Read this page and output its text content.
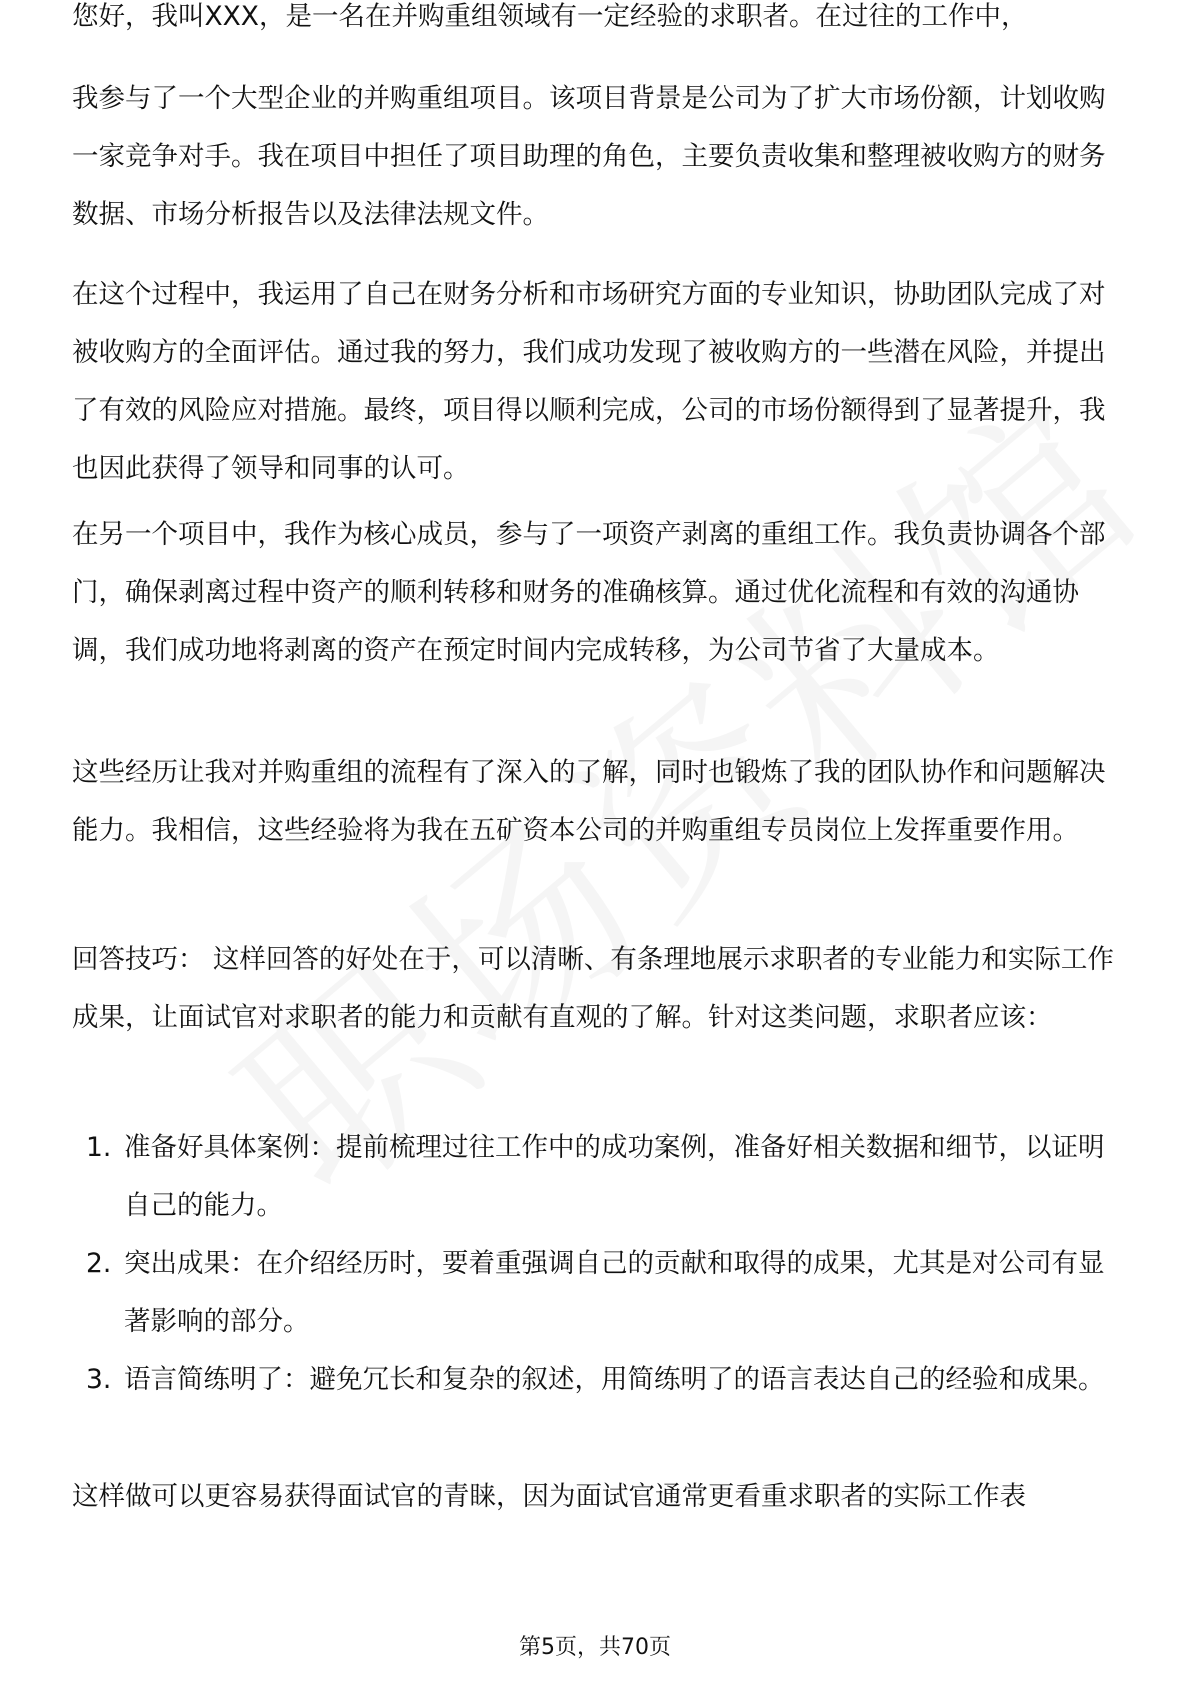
您好，我叫XXX，是一名在并购重组领域有一定经验的求职者。在过往的工作中，

我参与了一个大型企业的并购重组项目。该项目背景是公司为了扩大市场份额，计划收购一家竞争对手。我在项目中担任了项目助理的角色，主要负责收集和整理被收购方的财务数据、市场分析报告以及法律法规文件。

在这个过程中，我运用了自己在财务分析和市场研究方面的专业知识，协助团队完成了对被收购方的全面评估。通过我的努力，我们成功发现了被收购方的一些潜在风险，并提出了有效的风险应对措施。最终，项目得以顺利完成，公司的市场份额得到了显著提升，我也因此获得了领导和同事的认可。

在另一个项目中，我作为核心成员，参与了一项资产剥离的重组工作。我负责协调各个部门，确保剥离过程中资产的顺利转移和财务的准确核算。通过优化流程和有效的沟通协调，我们成功地将剥离的资产在预定时间内完成转移，为公司节省了大量成本。

这些经历让我对并购重组的流程有了深入的了解，同时也锻炼了我的团队协作和问题解决能力。我相信，这些经验将为我在五矿资本公司的并购重组专员岗位上发挥重要作用。

回答技巧： 这样回答的好处在于，可以清晰、有条理地展示求职者的专业能力和实际工作成果，让面试官对求职者的能力和贡献有直观的了解。针对这类问题，求职者应该：

1. 准备好具体案例：提前梳理过往工作中的成功案例，准备好相关数据和细节，以证明自己的能力。
2. 突出成果：在介绍经历时，要着重强调自己的贡献和取得的成果，尤其是对公司有显著影响的部分。
3. 语言简练明了：避免冗长和复杂的叙述，用简练明了的语言表达自己的经验和成果。

这样做可以更容易获得面试官的青睐，因为面试官通常更看重求职者的实际工作表

第5页，共70页
